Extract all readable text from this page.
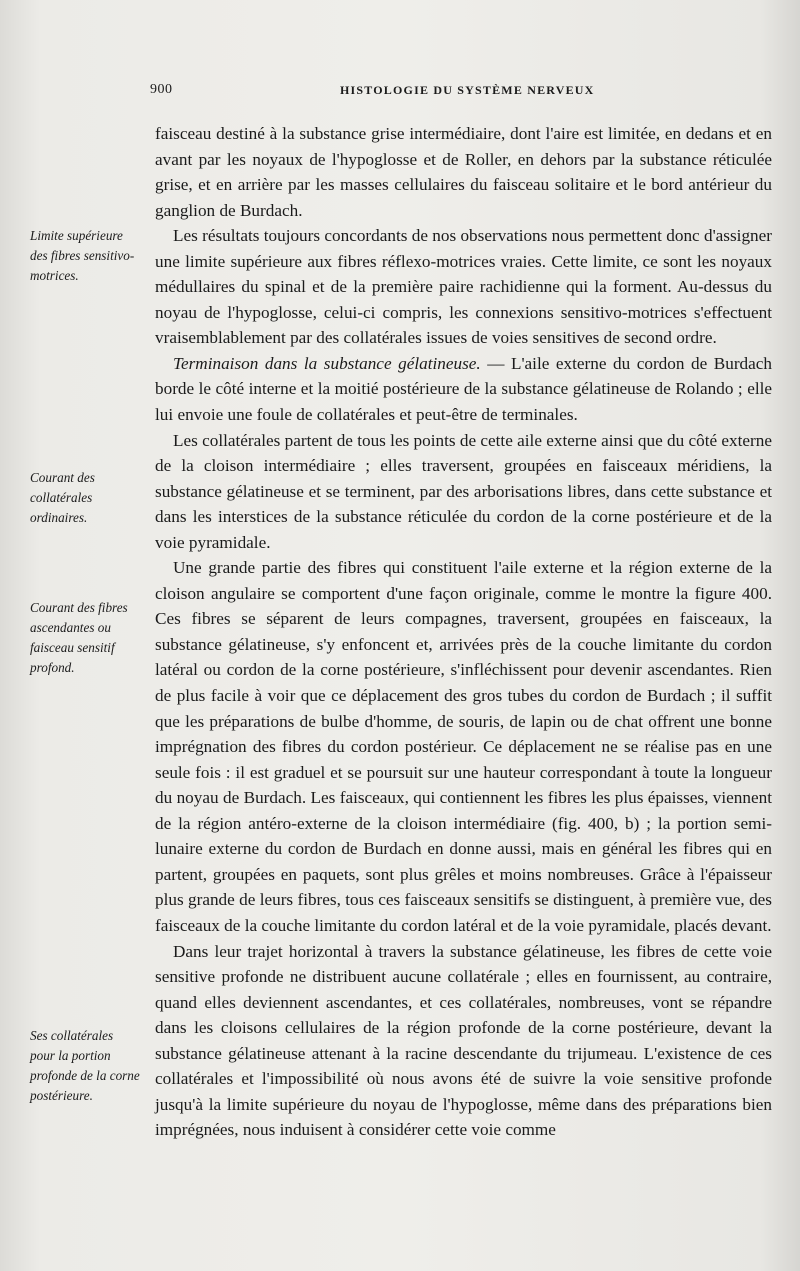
900	HISTOLOGIE DU SYSTÈME NERVEUX
Limite supérieure des fibres sensitivo-motrices.
Courant des collatérales ordinaires.
Courant des fibres ascendantes ou faisceau sensitif profond.
Ses collatérales pour la portion profonde de la corne postérieure.

faisceau destiné à la substance grise intermédiaire, dont l'aire est limitée, en dedans et en avant par les noyaux de l'hypoglosse et de Roller, en dehors par la substance réticulée grise, et en arrière par les masses cellulaires du faisceau solitaire et le bord antérieur du ganglion de Burdach.

Les résultats toujours concordants de nos observations nous permettent donc d'assigner une limite supérieure aux fibres réflexo-motrices vraies. Cette limite, ce sont les noyaux médullaires du spinal et de la première paire rachidienne qui la forment. Au-dessus du noyau de l'hypoglosse, celui-ci compris, les connexions sensitivo-motrices s'effectuent vraisemblablement par des collatérales issues de voies sensitives de second ordre.

Terminaison dans la substance gélatineuse. — L'aile externe du cordon de Burdach borde le côté interne et la moitié postérieure de la substance gélatineuse de Rolando ; elle lui envoie une foule de collatérales et peut-être de terminales.

Les collatérales partent de tous les points de cette aile externe ainsi que du côté externe de la cloison intermédiaire ; elles traversent, groupées en faisceaux méridiens, la substance gélatineuse et se terminent, par des arborisations libres, dans cette substance et dans les interstices de la substance réticulée du cordon de la corne postérieure et de la voie pyramidale.

Une grande partie des fibres qui constituent l'aile externe et la région externe de la cloison angulaire se comportent d'une façon originale, comme le montre la figure 400. Ces fibres se séparent de leurs compagnes, traversent, groupées en faisceaux, la substance gélatineuse, s'y enfoncent et, arrivées près de la couche limitante du cordon latéral ou cordon de la corne postérieure, s'infléchissent pour devenir ascendantes. Rien de plus facile à voir que ce déplacement des gros tubes du cordon de Burdach ; il suffit que les préparations de bulbe d'homme, de souris, de lapin ou de chat offrent une bonne imprégnation des fibres du cordon postérieur. Ce déplacement ne se réalise pas en une seule fois : il est graduel et se poursuit sur une hauteur correspondant à toute la longueur du noyau de Burdach. Les faisceaux, qui contiennent les fibres les plus épaisses, viennent de la région antéro-externe de la cloison intermédiaire (fig. 400, b) ; la portion semi-lunaire externe du cordon de Burdach en donne aussi, mais en général les fibres qui en partent, groupées en paquets, sont plus grêles et moins nombreuses. Grâce à l'épaisseur plus grande de leurs fibres, tous ces faisceaux sensitifs se distinguent, à première vue, des faisceaux de la couche limitante du cordon latéral et de la voie pyramidale, placés devant.

Dans leur trajet horizontal à travers la substance gélatineuse, les fibres de cette voie sensitive profonde ne distribuent aucune collatérale ; elles en fournissent, au contraire, quand elles deviennent ascendantes, et ces collatérales, nombreuses, vont se répandre dans les cloisons cellulaires de la région profonde de la corne postérieure, devant la substance gélatineuse attenant à la racine descendante du trijumeau. L'existence de ces collatérales et l'impossibilité où nous avons été de suivre la voie sensitive profonde jusqu'à la limite supérieure du noyau de l'hypoglosse, même dans des préparations bien imprégnées, nous induisent à considérer cette voie comme
